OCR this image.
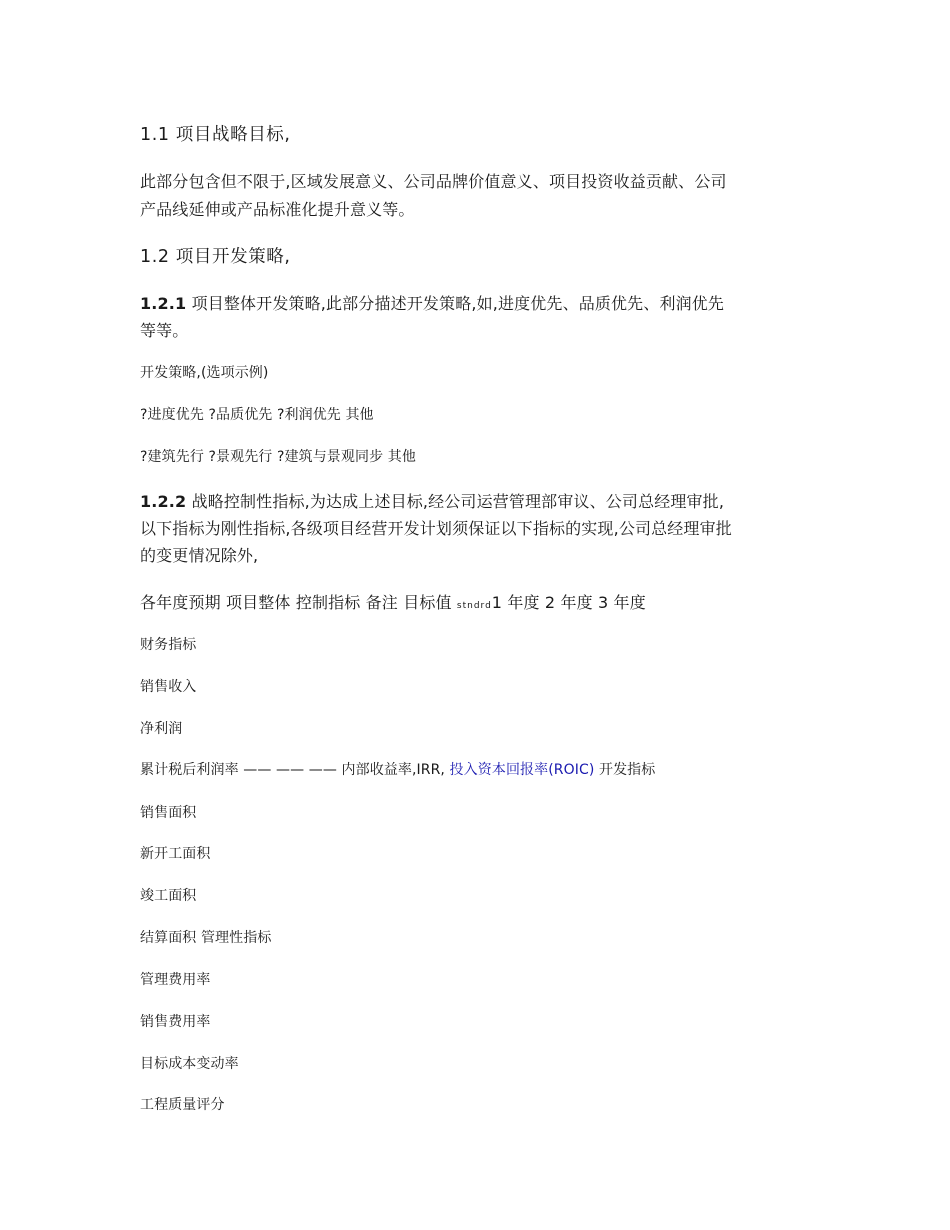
1.1 项目战略目标,
此部分包含但不限于,区域发展意义、公司品牌价值意义、项目投资收益贡献、公司
产品线延伸或产品标准化提升意义等。
1.2 项目开发策略,
1.2.1 项目整体开发策略,此部分描述开发策略,如,进度优先、品质优先、利润优先
等等。
开发策略,(选项示例)
?进度优先 ?品质优先 ?利润优先 其他
?建筑先行 ?景观先行 ?建筑与景观同步 其他
1.2.2 战略控制性指标,为达成上述目标,经公司运营管理部审议、公司总经理审批,
以下指标为刚性指标,各级项目经营开发计划须保证以下指标的实现,公司总经理审批
的变更情况除外,
各年度预期 项目整体 控制指标 备注 目标值 stndrd1 年度 2 年度 3 年度
财务指标
销售收入
净利润
累计税后利润率 —— —— —— 内部收益率,IRR, 投入资本回报率(ROIC) 开发指标
销售面积
新开工面积
竣工面积
结算面积 管理性指标
管理费用率
销售费用率
目标成本变动率
工程质量评分
